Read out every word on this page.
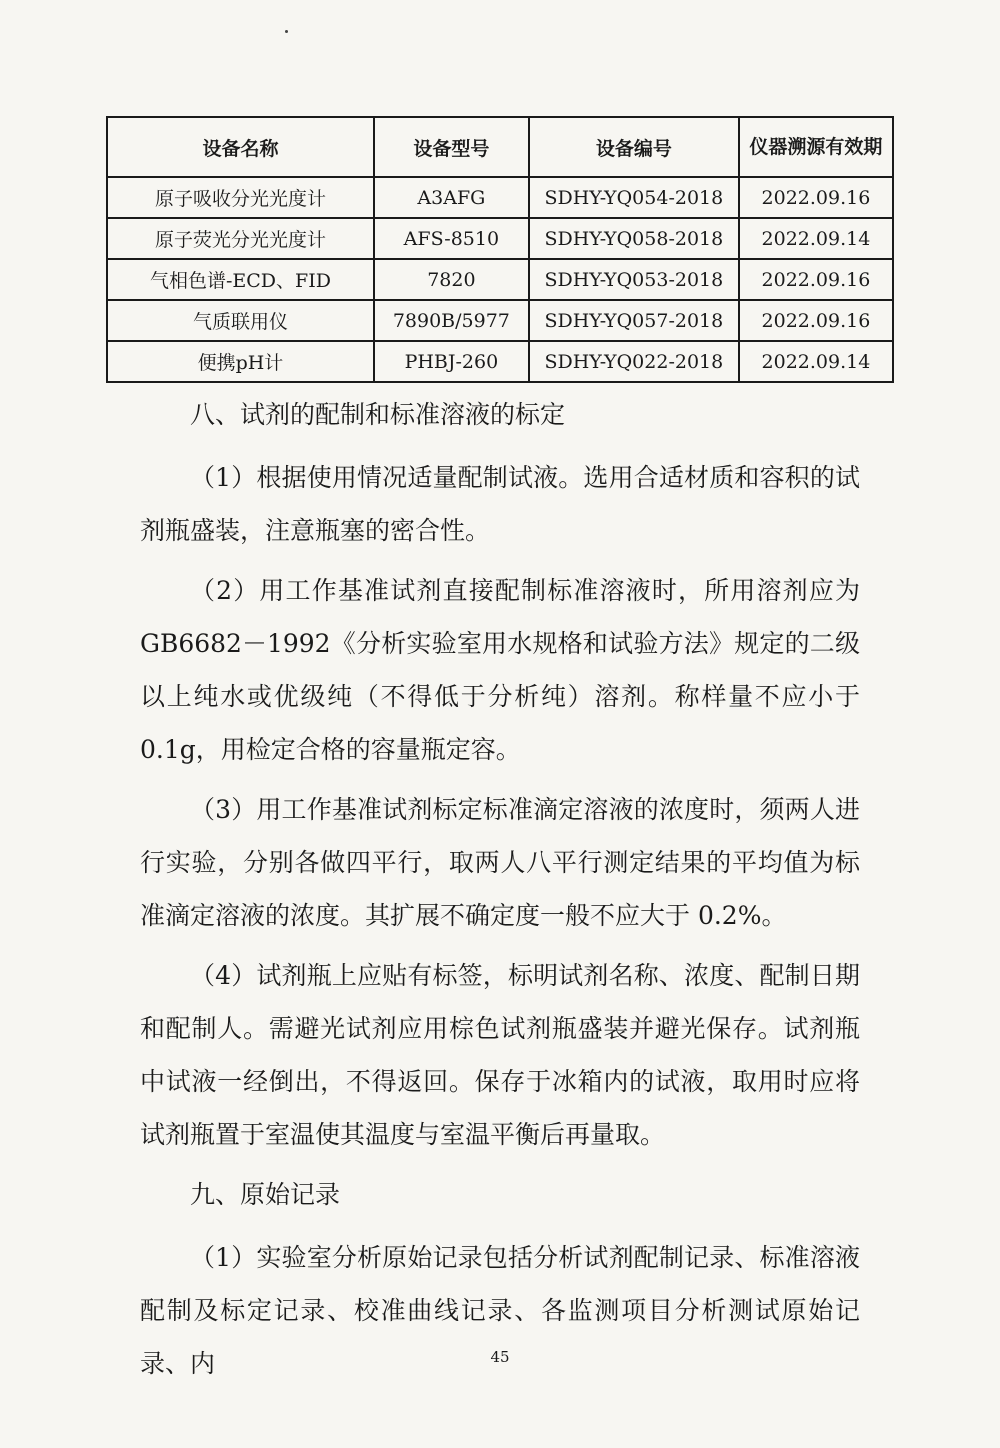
设备名称	设备型号	设备编号	仪器溯源有效期
原子吸收分光光度计	A3AFG	SDHY-YQ054-2018	2022.09.16
原子荧光分光光度计	AFS-8510	SDHY-YQ058-2018	2022.09.14
气相色谱-ECD、FID	7820	SDHY-YQ053-2018	2022.09.16
气质联用仪	7890B/5977	SDHY-YQ057-2018	2022.09.16
便携pH计	PHBJ-260	SDHY-YQ022-2018	2022.09.14

八、试剂的配制和标准溶液的标定

（1）根据使用情况适量配制试液。选用合适材质和容积的试剂瓶盛装，注意瓶塞的密合性。

（2）用工作基准试剂直接配制标准溶液时，所用溶剂应为GB6682－1992《分析实验室用水规格和试验方法》规定的二级以上纯水或优级纯（不得低于分析纯）溶剂。称样量不应小于 0.1g，用检定合格的容量瓶定容。

（3）用工作基准试剂标定标准滴定溶液的浓度时，须两人进行实验，分别各做四平行，取两人八平行测定结果的平均值为标准滴定溶液的浓度。其扩展不确定度一般不应大于 0.2%。

（4）试剂瓶上应贴有标签，标明试剂名称、浓度、配制日期和配制人。需避光试剂应用棕色试剂瓶盛装并避光保存。试剂瓶中试液一经倒出，不得返回。保存于冰箱内的试液，取用时应将试剂瓶置于室温使其温度与室温平衡后再量取。

九、原始记录

（1）实验室分析原始记录包括分析试剂配制记录、标准溶液配制及标定记录、校准曲线记录、各监测项目分析测试原始记录、内	45
